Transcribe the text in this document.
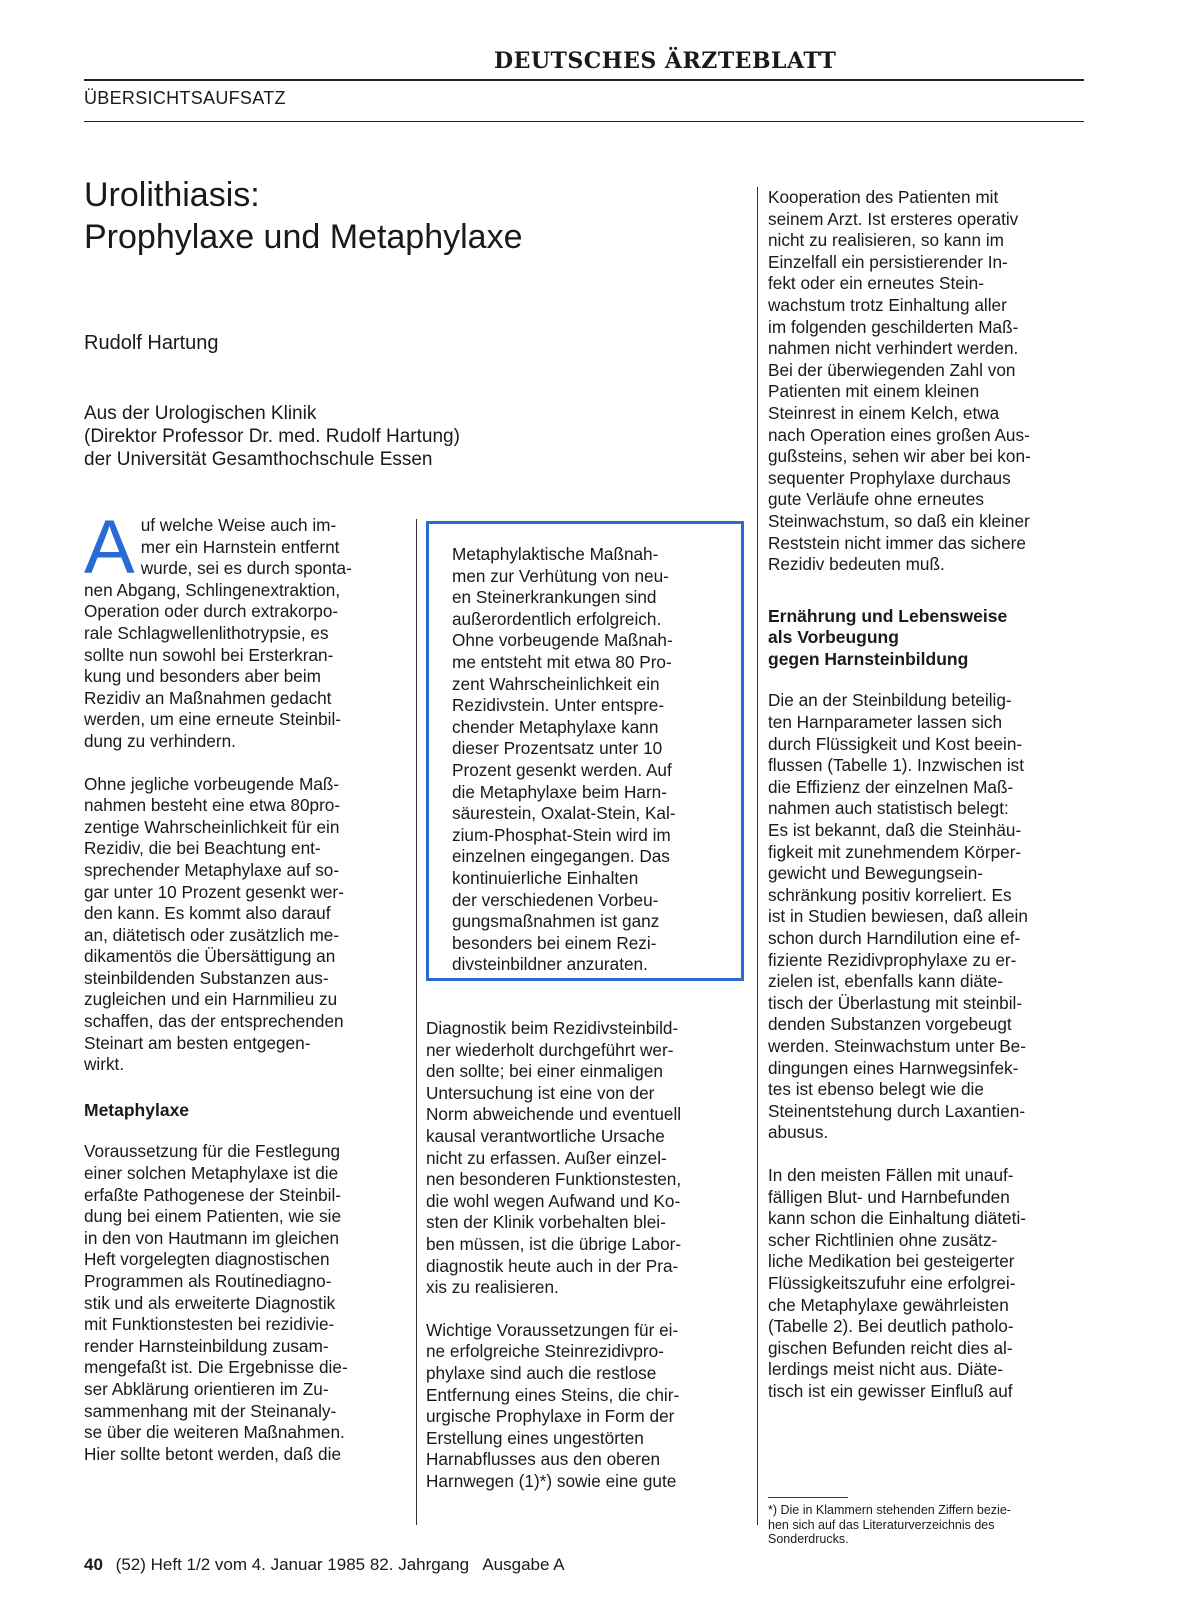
DEUTSCHES ÄRZTEBLATT
ÜBERSICHTSAUFSATZ
Urolithiasis:
Prophylaxe und Metaphylaxe
Rudolf Hartung
Aus der Urologischen Klinik
(Direktor Professor Dr. med. Rudolf Hartung)
der Universität Gesamthochschule Essen

Auf welche Weise auch im-
mer ein Harnstein entfernt
wurde, sei es durch sponta-
nen Abgang, Schlingenextraktion,
Operation oder durch extrakorpo-
rale Schlagwellenlithotrypsie, es
sollte nun sowohl bei Ersterkran-
kung und besonders aber beim
Rezidiv an Maßnahmen gedacht
werden, um eine erneute Steinbil-
dung zu verhindern.

Ohne jegliche vorbeugende Maß-
nahmen besteht eine etwa 80pro-
zentige Wahrscheinlichkeit für ein
Rezidiv, die bei Beachtung ent-
sprechender Metaphylaxe auf so-
gar unter 10 Prozent gesenkt wer-
den kann. Es kommt also darauf
an, diätetisch oder zusätzlich me-
dikamentös die Übersättigung an
steinbildenden Substanzen aus-
zugleichen und ein Harnmilieu zu
schaffen, das der entsprechenden
Steinart am besten entgegen-
wirkt.

Metaphylaxe

Voraussetzung für die Festlegung
einer solchen Metaphylaxe ist die
erfaßte Pathogenese der Steinbil-
dung bei einem Patienten, wie sie
in den von Hautmann im gleichen
Heft vorgelegten diagnostischen
Programmen als Routinediagno-
stik und als erweiterte Diagnostik
mit Funktionstesten bei rezidivie-
render Harnsteinbildung zusam-
mengefaßt ist. Die Ergebnisse die-
ser Abklärung orientieren im Zu-
sammenhang mit der Steinanaly-
se über die weiteren Maßnahmen.
Hier sollte betont werden, daß die

Metaphylaktische Maßnah-
men zur Verhütung von neu-
en Steinerkrankungen sind
außerordentlich erfolgreich.
Ohne vorbeugende Maßnah-
me entsteht mit etwa 80 Pro-
zent Wahrscheinlichkeit ein
Rezidivstein. Unter entspre-
chender Metaphylaxe kann
dieser Prozentsatz unter 10
Prozent gesenkt werden. Auf
die Metaphylaxe beim Harn-
säurestein, Oxalat-Stein, Kal-
zium-Phosphat-Stein wird im
einzelnen eingegangen. Das
kontinuierliche Einhalten
der verschiedenen Vorbeu-
gungsmaßnahmen ist ganz
besonders bei einem Rezi-
divsteinbildner anzuraten.

Diagnostik beim Rezidivsteinbild-
ner wiederholt durchgeführt wer-
den sollte; bei einer einmaligen
Untersuchung ist eine von der
Norm abweichende und eventuell
kausal verantwortliche Ursache
nicht zu erfassen. Außer einzel-
nen besonderen Funktionstesten,
die wohl wegen Aufwand und Ko-
sten der Klinik vorbehalten blei-
ben müssen, ist die übrige Labor-
diagnostik heute auch in der Pra-
xis zu realisieren.

Wichtige Voraussetzungen für ei-
ne erfolgreiche Steinrezidivpro-
phylaxe sind auch die restlose
Entfernung eines Steins, die chir-
urgische Prophylaxe in Form der
Erstellung eines ungestörten
Harnabflusses aus den oberen
Harnwegen (1)*) sowie eine gute

Kooperation des Patienten mit
seinem Arzt. Ist ersteres operativ
nicht zu realisieren, so kann im
Einzelfall ein persistierender In-
fekt oder ein erneutes Stein-
wachstum trotz Einhaltung aller
im folgenden geschilderten Maß-
nahmen nicht verhindert werden.
Bei der überwiegenden Zahl von
Patienten mit einem kleinen
Steinrest in einem Kelch, etwa
nach Operation eines großen Aus-
gußsteins, sehen wir aber bei kon-
sequenter Prophylaxe durchaus
gute Verläufe ohne erneutes
Steinwachstum, so daß ein kleiner
Reststein nicht immer das sichere
Rezidiv bedeuten muß.

Ernährung und Lebensweise
als Vorbeugung
gegen Harnsteinbildung

Die an der Steinbildung beteilig-
ten Harnparameter lassen sich
durch Flüssigkeit und Kost beein-
flussen (Tabelle 1). Inzwischen ist
die Effizienz der einzelnen Maß-
nahmen auch statistisch belegt:
Es ist bekannt, daß die Steinhäu-
figkeit mit zunehmendem Körper-
gewicht und Bewegungsein-
schränkung positiv korreliert. Es
ist in Studien bewiesen, daß allein
schon durch Harndilution eine ef-
fiziente Rezidivprophylaxe zu er-
zielen ist, ebenfalls kann diäte-
tisch der Überlastung mit steinbil-
denden Substanzen vorgebeugt
werden. Steinwachstum unter Be-
dingungen eines Harnwegsinfek-
tes ist ebenso belegt wie die
Steinentstehung durch Laxantien-
abusus.

In den meisten Fällen mit unauf-
fälligen Blut- und Harnbefunden
kann schon die Einhaltung diäteti-
scher Richtlinien ohne zusätz-
liche Medikation bei gesteigerter
Flüssigkeitszufuhr eine erfolgrei-
che Metaphylaxe gewährleisten
(Tabelle 2). Bei deutlich patholo-
gischen Befunden reicht dies al-
lerdings meist nicht aus. Diäte-
tisch ist ein gewisser Einfluß auf

*) Die in Klammern stehenden Ziffern bezie-
hen sich auf das Literaturverzeichnis des
Sonderdrucks.
40 (52) Heft 1/2 vom 4. Januar 1985 82. Jahrgang   Ausgabe A
